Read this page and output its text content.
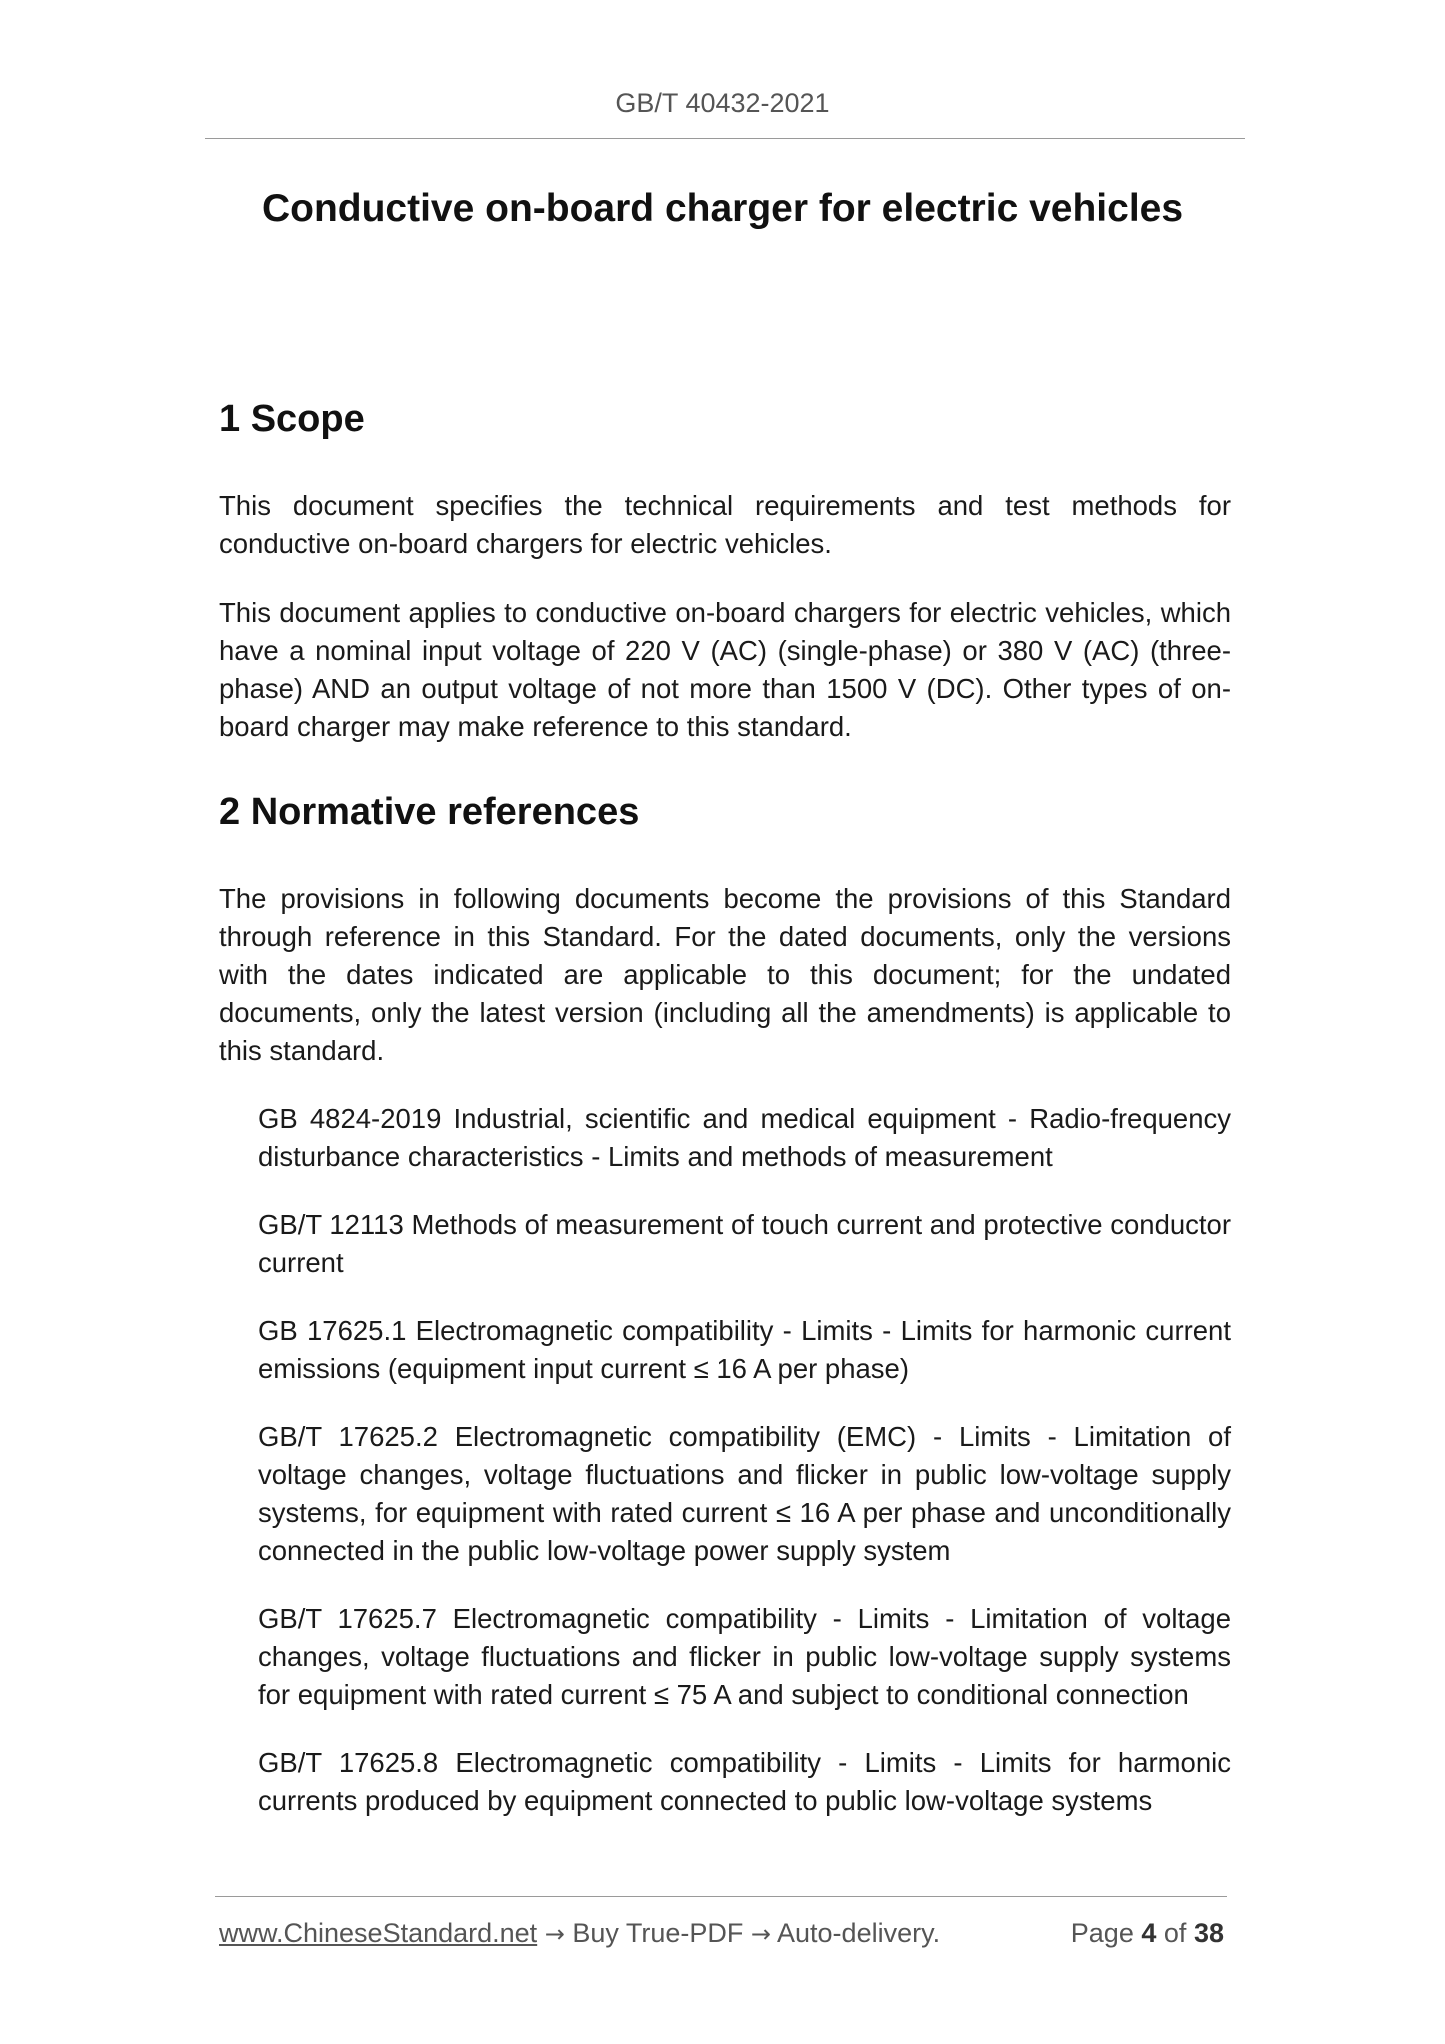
GB/T 40432-2021
Conductive on-board charger for electric vehicles
1 Scope

This document specifies the technical requirements and test methods for conductive on-board chargers for electric vehicles.

This document applies to conductive on-board chargers for electric vehicles, which have a nominal input voltage of 220 V (AC) (single-phase) or 380 V (AC) (three-phase) AND an output voltage of not more than 1500 V (DC). Other types of on-board charger may make reference to this standard.

2 Normative references

The provisions in following documents become the provisions of this Standard through reference in this Standard. For the dated documents, only the versions with the dates indicated are applicable to this document; for the undated documents, only the latest version (including all the amendments) is applicable to this standard.

GB 4824-2019 Industrial, scientific and medical equipment - Radio-frequency disturbance characteristics - Limits and methods of measurement
GB/T 12113 Methods of measurement of touch current and protective conductor current
GB 17625.1 Electromagnetic compatibility - Limits - Limits for harmonic current emissions (equipment input current ≤ 16 A per phase)
GB/T 17625.2 Electromagnetic compatibility (EMC) - Limits - Limitation of voltage changes, voltage fluctuations and flicker in public low-voltage supply systems, for equipment with rated current ≤ 16 A per phase and unconditionally connected in the public low-voltage power supply system
GB/T 17625.7 Electromagnetic compatibility - Limits - Limitation of voltage changes, voltage fluctuations and flicker in public low-voltage supply systems for equipment with rated current ≤ 75 A and subject to conditional connection
GB/T 17625.8 Electromagnetic compatibility - Limits - Limits for harmonic currents produced by equipment connected to public low-voltage systems
www.ChineseStandard.net → Buy True-PDF → Auto-delivery.	Page 4 of 38
